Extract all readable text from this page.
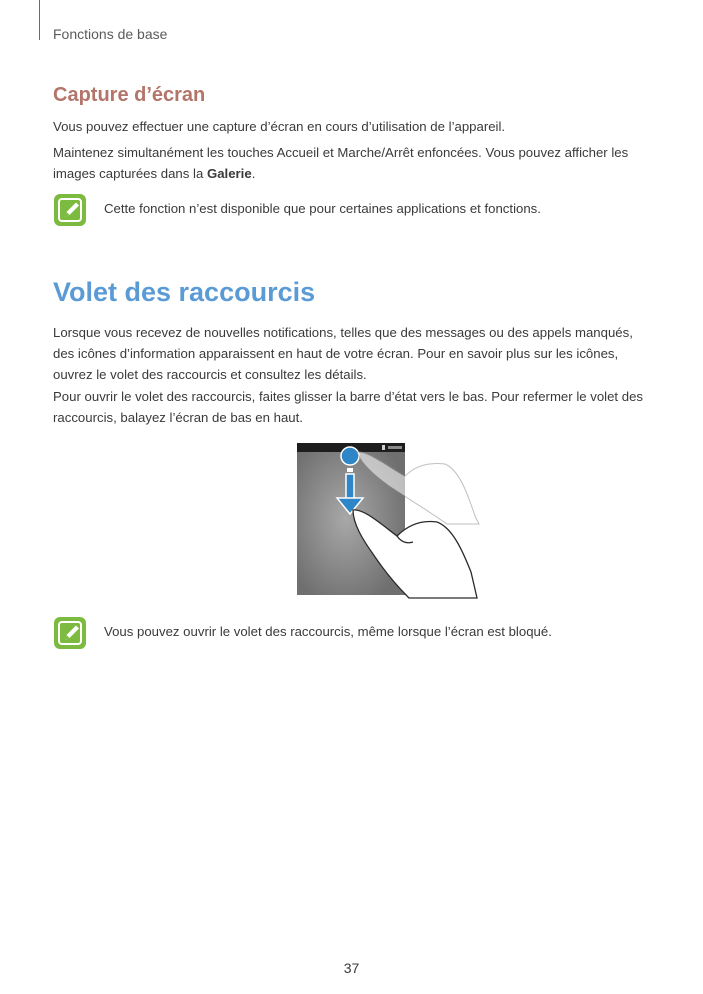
Fonctions de base
Capture d’écran
Vous pouvez effectuer une capture d’écran en cours d’utilisation de l’appareil.
Maintenez simultanément les touches Accueil et Marche/Arrêt enfoncées. Vous pouvez afficher les images capturées dans la Galerie.
Cette fonction n’est disponible que pour certaines applications et fonctions.
Volet des raccourcis
Lorsque vous recevez de nouvelles notifications, telles que des messages ou des appels manqués, des icônes d’information apparaissent en haut de votre écran. Pour en savoir plus sur les icônes, ouvrez le volet des raccourcis et consultez les détails.
Pour ouvrir le volet des raccourcis, faites glisser la barre d’état vers le bas. Pour refermer le volet des raccourcis, balayez l’écran de bas en haut.
Vous pouvez ouvrir le volet des raccourcis, même lorsque l’écran est bloqué.
37
